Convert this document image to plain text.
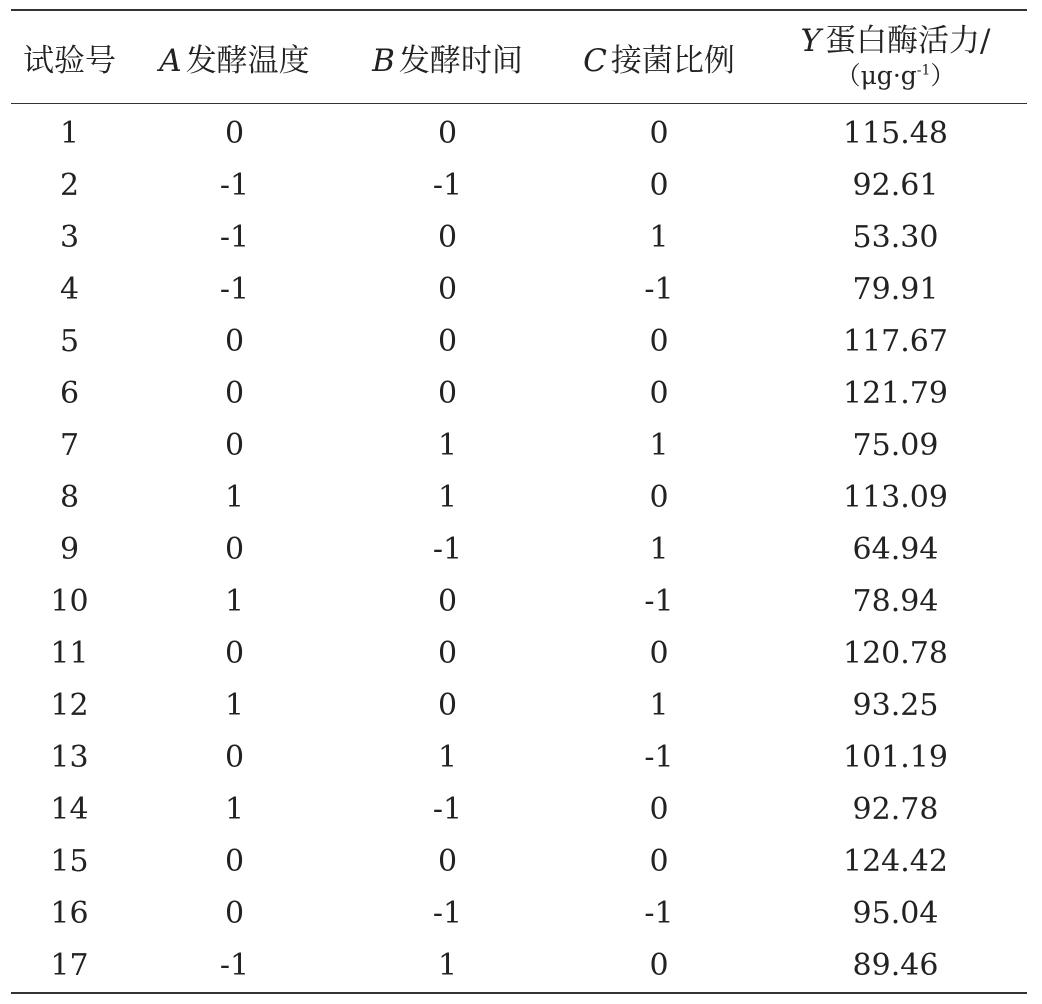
试验号	A 发酵温度	B 发酵时间	C 接菌比例	Y 蛋白酶活力/
$(\mu g\cdot g^{-1})$

1	0	0	0	115.48
2	-1	-1	0	92.61
3	-1	0	1	53.30
4	-1	0	-1	79.91
5	0	0	0	117.67
6	0	0	0	121.79
7	0	1	1	75.09
8	1	1	0	113.09
9	0	-1	1	64.94
10	1	0	-1	78.94
11	0	0	0	120.78
12	1	0	1	93.25
13	0	1	-1	101.19
14	1	-1	0	92.78
15	0	0	0	124.42
16	0	-1	-1	95.04
17	-1	1	0	89.46
